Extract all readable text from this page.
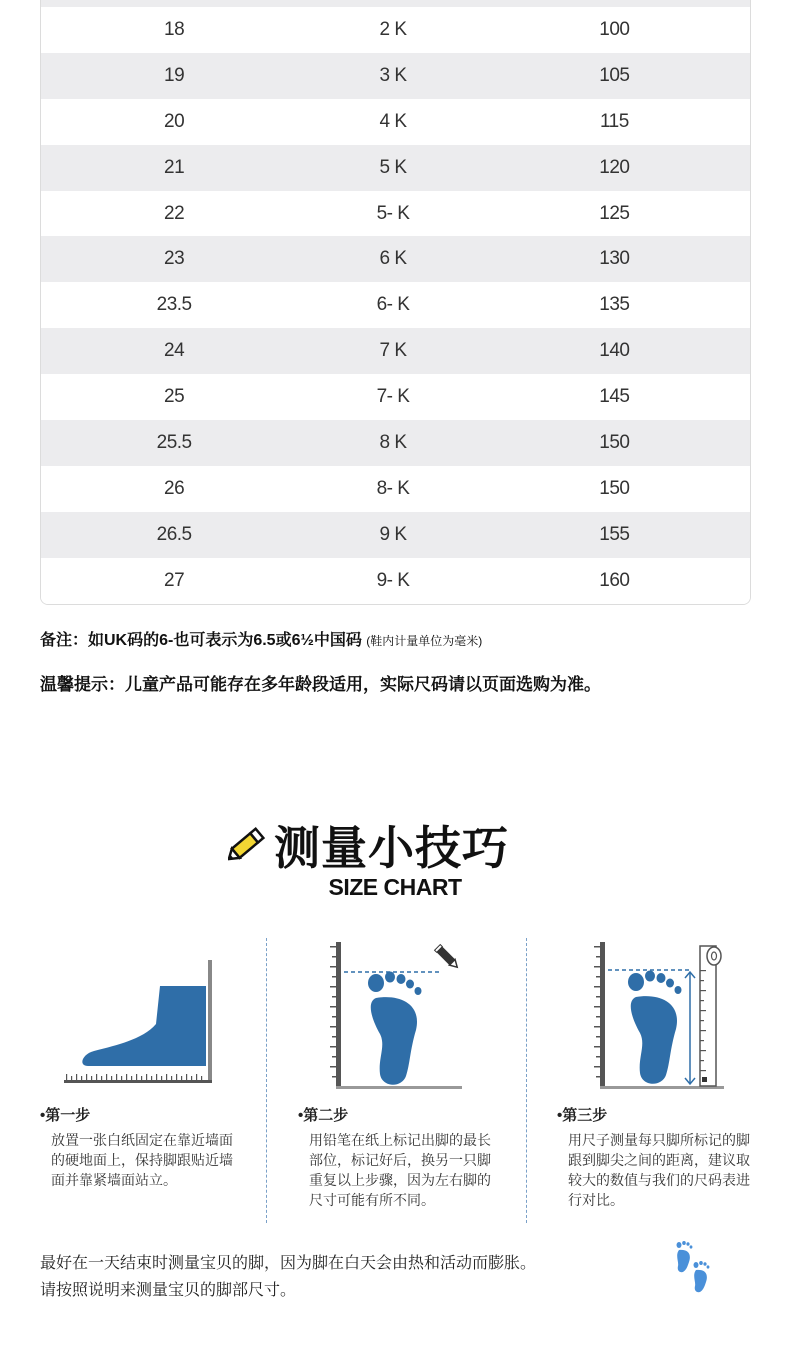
18	2 K	100
19	3 K	105
20	4 K	115
21	5 K	120
22	5- K	125
23	6 K	130
23.5	6- K	135
24	7 K	140
25	7- K	145
25.5	8 K	150
26	8- K	150
26.5	9 K	155
27	9- K	160
备注：如UK码的6-也可表示为6.5或6½中国码 (鞋内计量单位为毫米)
温馨提示：儿童产品可能存在多年龄段适用，实际尺码请以页面选购为准。
测量小技巧
SIZE CHART
•第一步
放置一张白纸固定在靠近墙面的硬地面上，保持脚跟贴近墙面并靠紧墙面站立。
•第二步
用铅笔在纸上标记出脚的最长部位，标记好后，换另一只脚重复以上步骤，因为左右脚的尺寸可能有所不同。
•第三步
用尺子测量每只脚所标记的脚跟到脚尖之间的距离，建议取较大的数值与我们的尺码表进行对比。
最好在一天结束时测量宝贝的脚，因为脚在白天会由热和活动而膨胀。
请按照说明来测量宝贝的脚部尺寸。
